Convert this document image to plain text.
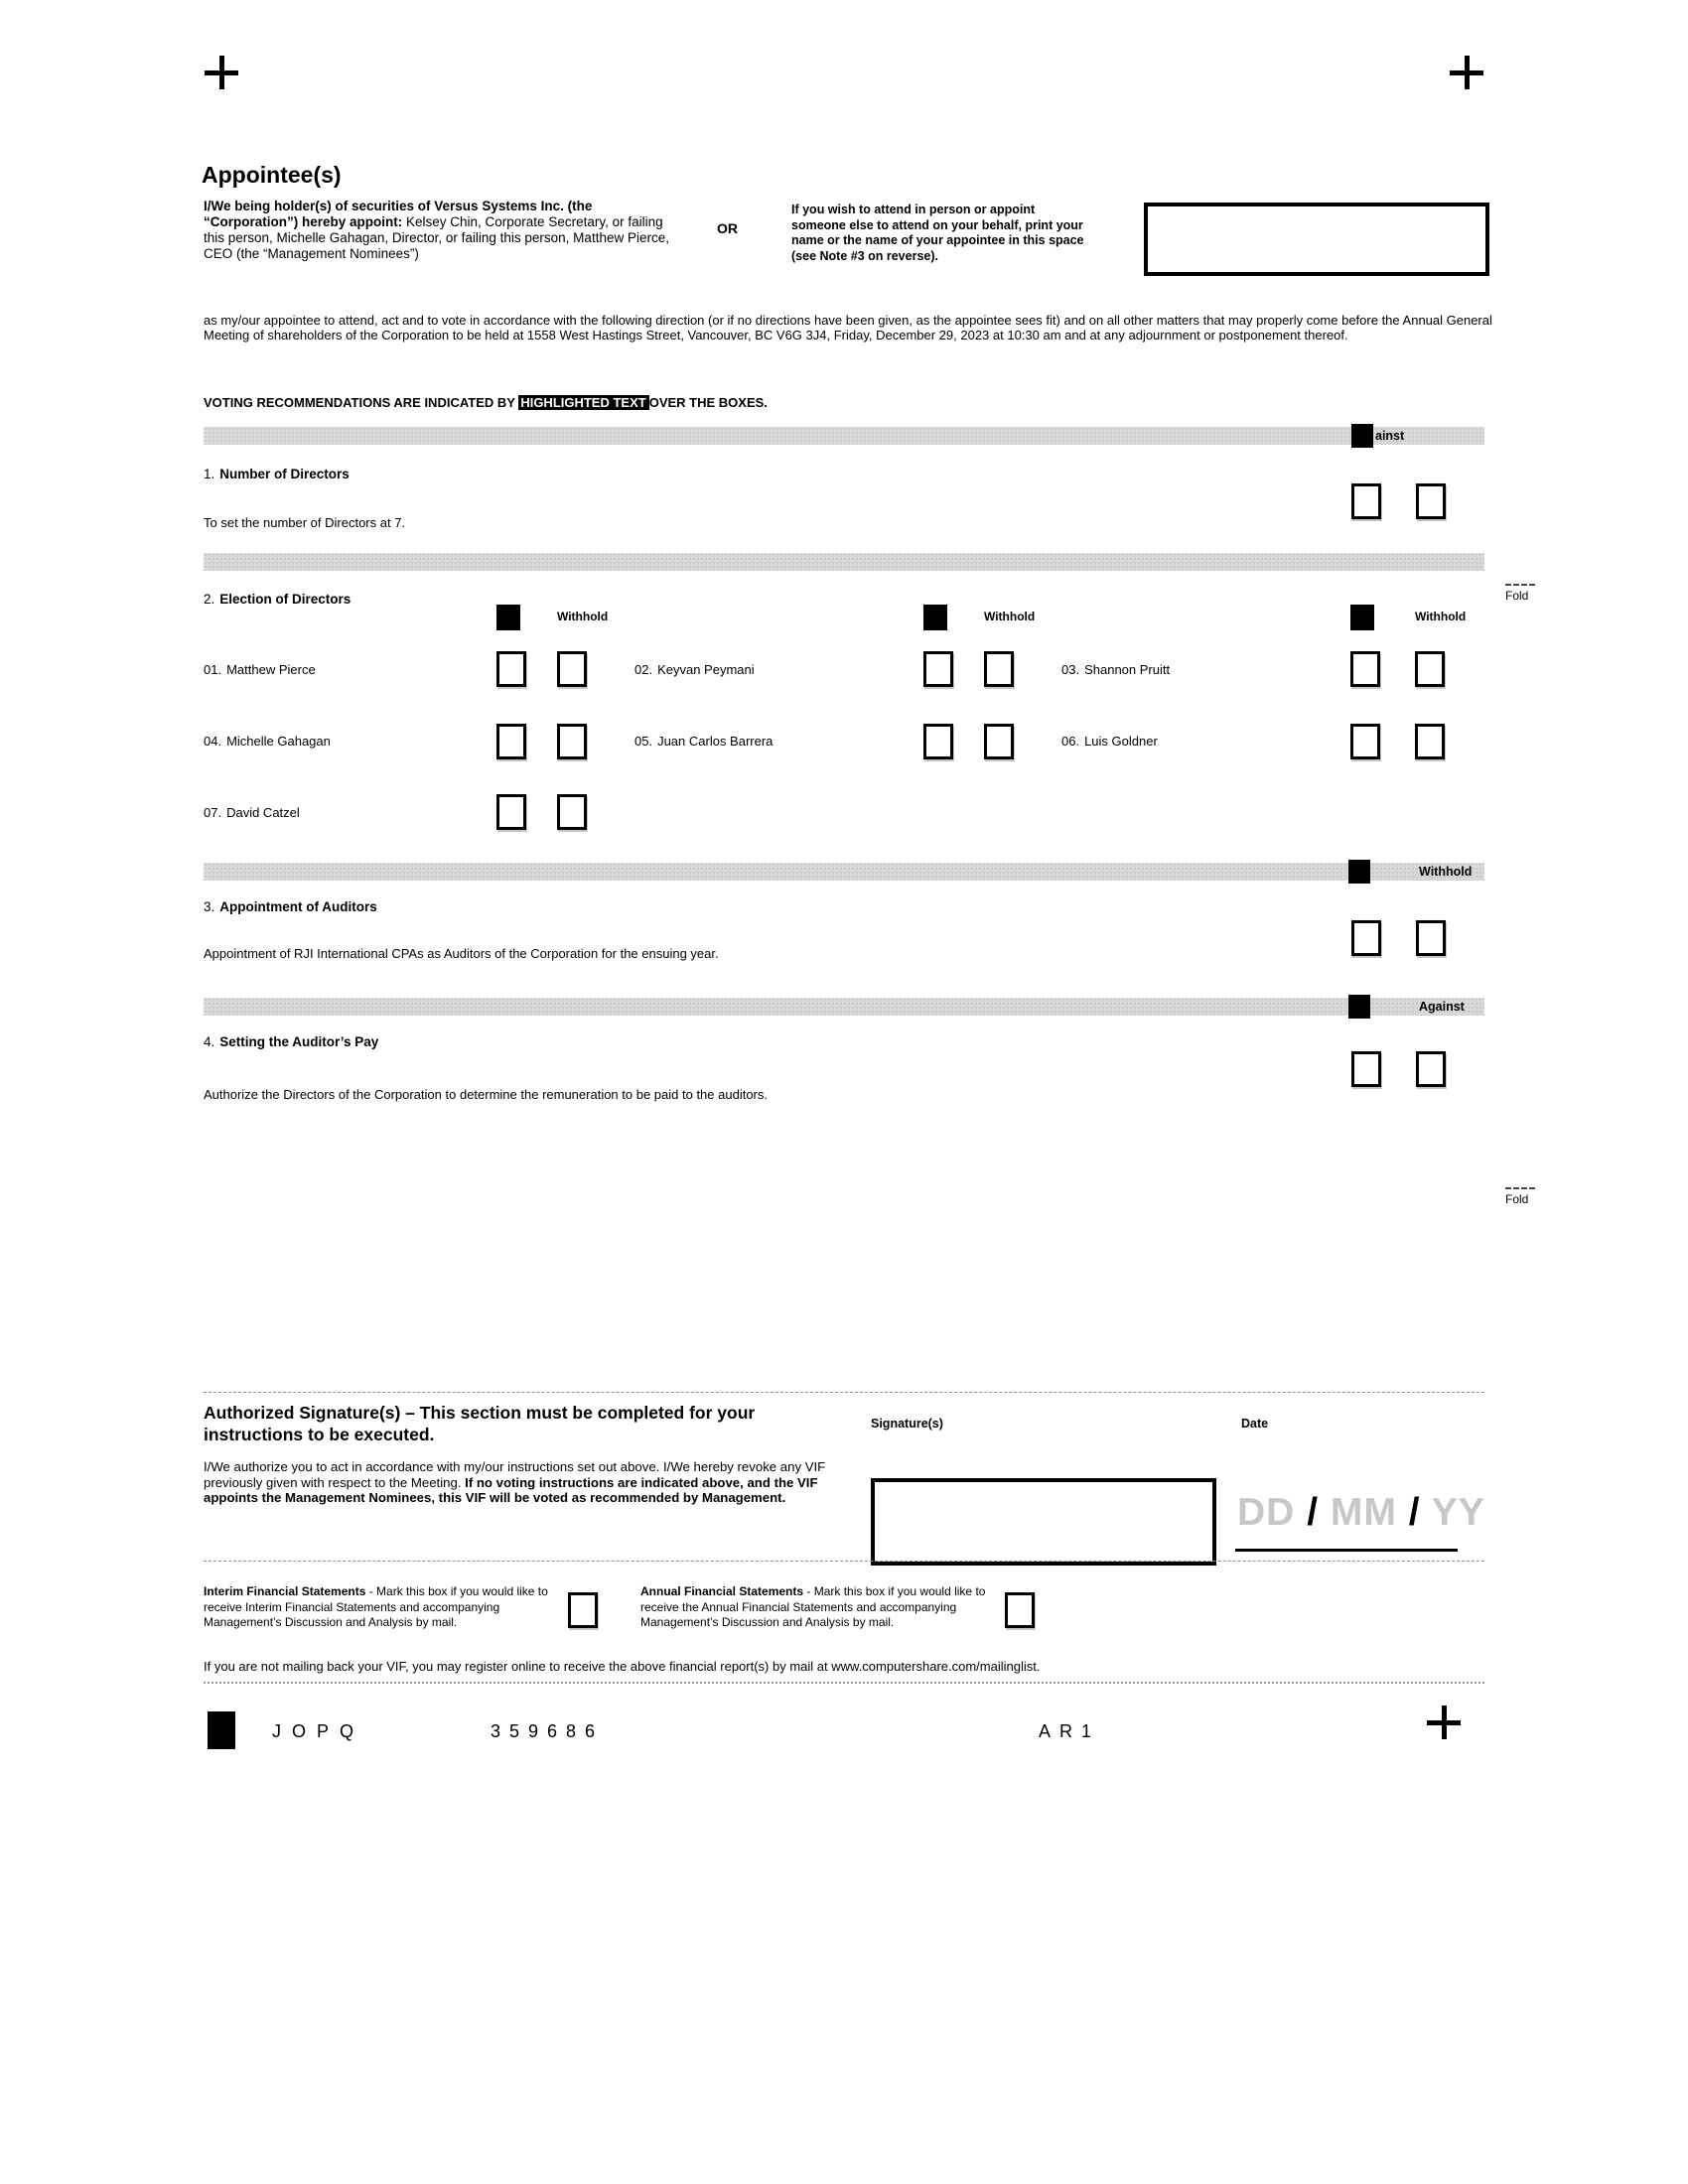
Appointee(s)
I/We being holder(s) of securities of Versus Systems Inc. (the “Corporation”) hereby appoint: Kelsey Chin, Corporate Secretary, or failing this person, Michelle Gahagan, Director, or failing this person, Matthew Pierce, CEO (the “Management Nominees”)
OR
If you wish to attend in person or appoint someone else to attend on your behalf, print your name or the name of your appointee in this space (see Note #3 on reverse).
as my/our appointee to attend, act and to vote in accordance with the following direction (or if no directions have been given, as the appointee sees fit) and on all other matters that may properly come before the Annual General Meeting of shareholders of the Corporation to be held at 1558 West Hastings Street, Vancouver, BC V6G 3J4, Friday, December 29, 2023 at 10:30 am and at any adjournment or postponement thereof.
VOTING RECOMMENDATIONS ARE INDICATED BY HIGHLIGHTED TEXT OVER THE BOXES.
ainst
1. Number of Directors
To set the number of Directors at 7.
2. Election of Directors
Withhold	Withhold	Withhold
01. Matthew Pierce	02. Keyvan Peymani	03. Shannon Pruitt
04. Michelle Gahagan	05. Juan Carlos Barrera	06. Luis Goldner
07. David Catzel
Withhold
3. Appointment of Auditors
Appointment of RJI International CPAs as Auditors of the Corporation for the ensuing year.
Against
4. Setting the Auditor’s Pay
Authorize the Directors of the Corporation to determine the remuneration to be paid to the auditors.
Fold
Fold
Authorized Signature(s) – This section must be completed for your instructions to be executed.
I/We authorize you to act in accordance with my/our instructions set out above. I/We hereby revoke any VIF previously given with respect to the Meeting. If no voting instructions are indicated above, and the VIF appoints the Management Nominees, this VIF will be voted as recommended by Management.
Signature(s)	Date
DD / MM / YY
Interim Financial Statements - Mark this box if you would like to receive Interim Financial Statements and accompanying Management’s Discussion and Analysis by mail.
Annual Financial Statements - Mark this box if you would like to receive the Annual Financial Statements and accompanying Management’s Discussion and Analysis by mail.
If you are not mailing back your VIF, you may register online to receive the above financial report(s) by mail at www.computershare.com/mailinglist.
JOPQ	359686	AR1
